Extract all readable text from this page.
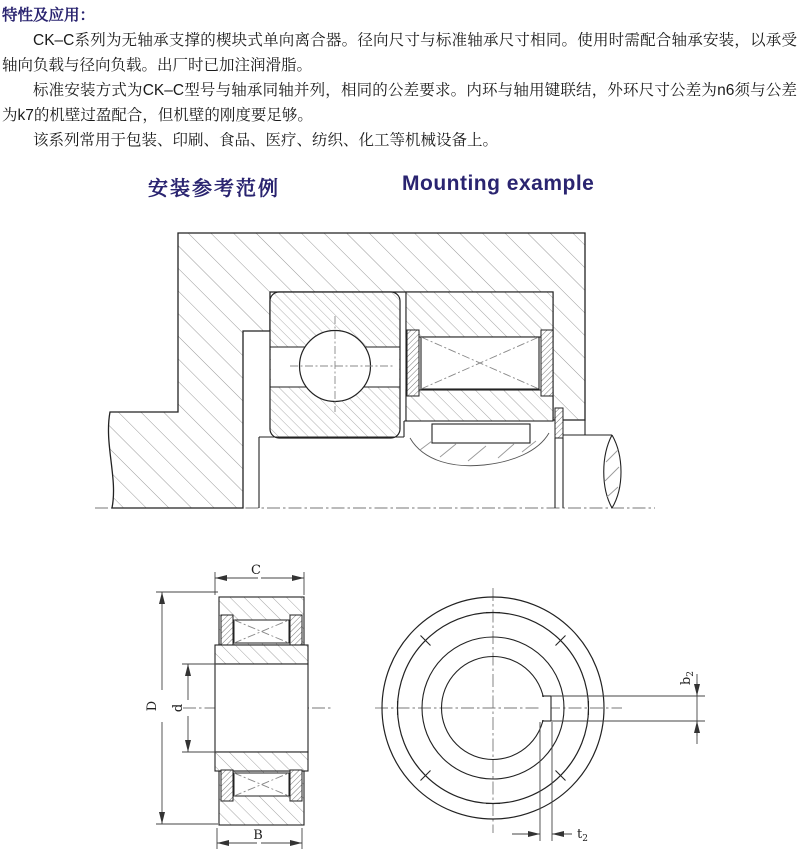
特性及应用：

CK–C系列为无轴承支撑的楔块式单向离合器。径向尺寸与标准轴承尺寸相同。使用时需配合轴承安装，以承受轴向负载与径向负载。出厂时已加注润滑脂。

标准安装方式为CK–C型号与轴承同轴并列，相同的公差要求。内环与轴用键联结，外环尺寸公差为n6须与公差为k7的机壁过盈配合，但机壁的刚度要足够。

该系列常用于包装、印刷、食品、医疗、纺织、化工等机械设备上。

安装参考范例	Mounting example
C
D d
B
$b_2$
$t_2$
